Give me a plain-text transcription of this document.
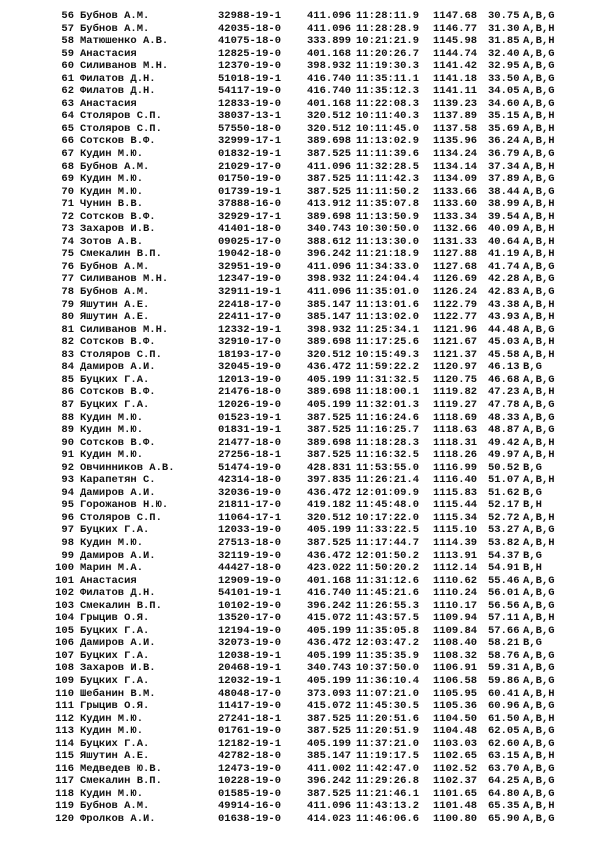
56 Бубнов А.М.	32988-19-1 411.096 11:28:11.9 1147.68 30.75 A,B,G
57 Бубнов А.М.	42035-18-0 411.096 11:28:28.9 1146.77 31.30 A,B,H
58 Матюшенко А.В.	41075-18-0 333.899 10:21:21.9 1145.98 31.85 A,B,H
59 Анастасия	12825-19-0 401.168 11:20:26.7 1144.74 32.40 A,B,G
60 Силиванов М.Н.	12370-19-0 398.932 11:19:30.3 1141.42 32.95 A,B,G
61 Филатов Д.Н.	51018-19-1 416.740 11:35:11.1 1141.18 33.50 A,B,G
62 Филатов Д.Н.	54117-19-0 416.740 11:35:12.3 1141.11 34.05 A,B,G
63 Анастасия	12833-19-0 401.168 11:22:08.3 1139.23 34.60 A,B,G
64 Столяров С.П.	38037-13-1 320.512 10:11:40.3 1137.89 35.15 A,B,H
65 Столяров С.П.	57550-18-0 320.512 10:11:45.0 1137.58 35.69 A,B,H
66 Сотсков В.Ф.	32999-17-1 389.698 11:13:02.9 1135.96 36.24 A,B,H
67 Кудин М.Ю.	01832-19-1 387.525 11:11:39.6 1134.24 36.79 A,B,G
68 Бубнов А.М.	21029-17-0 411.096 11:32:28.5 1134.14 37.34 A,B,H
69 Кудин М.Ю.	01750-19-0 387.525 11:11:42.3 1134.09 37.89 A,B,G
70 Кудин М.Ю.	01739-19-1 387.525 11:11:50.2 1133.66 38.44 A,B,G
71 Чунин В.В.	37888-16-0 413.912 11:35:07.8 1133.60 38.99 A,B,H
72 Сотсков В.Ф.	32929-17-1 389.698 11:13:50.9 1133.34 39.54 A,B,H
73 Захаров И.В.	41401-18-0 340.743 10:30:50.0 1132.66 40.09 A,B,H
74 Зотов А.В.	09025-17-0 388.612 11:13:30.0 1131.33 40.64 A,B,H
75 Смекалин В.П.	19042-18-0 396.242 11:21:18.9 1127.88 41.19 A,B,H
76 Бубнов А.М.	32951-19-0 411.096 11:34:33.0 1127.68 41.74 A,B,G
77 Силиванов М.Н.	12347-19-0 398.932 11:24:04.4 1126.69 42.28 A,B,G
78 Бубнов А.М.	32911-19-1 411.096 11:35:01.0 1126.24 42.83 A,B,G
79 Яшутин А.Е.	22418-17-0 385.147 11:13:01.6 1122.79 43.38 A,B,H
80 Яшутин А.Е.	22411-17-0 385.147 11:13:02.0 1122.77 43.93 A,B,H
81 Силиванов М.Н.	12332-19-1 398.932 11:25:34.1 1121.96 44.48 A,B,G
82 Сотсков В.Ф.	32910-17-0 389.698 11:17:25.6 1121.67 45.03 A,B,H
83 Столяров С.П.	18193-17-0 320.512 10:15:49.3 1121.37 45.58 A,B,H
84 Дамиров А.И.	32045-19-0 436.472 11:59:22.2 1120.97 46.13 B,G
85 Буцких Г.А.	12013-19-0 405.199 11:31:32.5 1120.75 46.68 A,B,G
86 Сотсков В.Ф.	21476-18-0 389.698 11:18:00.1 1119.82 47.23 A,B,H
87 Буцких Г.А.	12026-19-0 405.199 11:32:01.3 1119.27 47.78 A,B,G
88 Кудин М.Ю.	01523-19-1 387.525 11:16:24.6 1118.69 48.33 A,B,G
89 Кудин М.Ю.	01831-19-1 387.525 11:16:25.7 1118.63 48.87 A,B,G
90 Сотсков В.Ф.	21477-18-0 389.698 11:18:28.3 1118.31 49.42 A,B,H
91 Кудин М.Ю.	27256-18-1 387.525 11:16:32.5 1118.26 49.97 A,B,H
92 Овчинников А.В.	51474-19-0 428.831 11:53:55.0 1116.99 50.52 B,G
93 Карапетян С.	42314-18-0 397.835 11:26:21.4 1116.40 51.07 A,B,H
94 Дамиров А.И.	32036-19-0 436.472 12:01:09.9 1115.83 51.62 B,G
95 Горожанов Н.Ю.	21811-17-0 419.182 11:45:48.0 1115.44 52.17 B,H
96 Столяров С.П.	11064-17-1 320.512 10:17:22.0 1115.34 52.72 A,B,H
97 Буцких Г.А.	12033-19-0 405.199 11:33:22.5 1115.10 53.27 A,B,G
98 Кудин М.Ю.	27513-18-0 387.525 11:17:44.7 1114.39 53.82 A,B,H
99 Дамиров А.И.	32119-19-0 436.472 12:01:50.2 1113.91 54.37 B,G
100 Марин М.А.	44427-18-0 423.022 11:50:20.2 1112.14 54.91 B,H
101 Анастасия	12909-19-0 401.168 11:31:12.6 1110.62 55.46 A,B,G
102 Филатов Д.Н.	54101-19-1 416.740 11:45:21.6 1110.24 56.01 A,B,G
103 Смекалин В.П.	10102-19-0 396.242 11:26:55.3 1110.17 56.56 A,B,G
104 Грыцив О.Я.	13520-17-0 415.072 11:43:57.5 1109.94 57.11 A,B,H
105 Буцких Г.А.	12194-19-0 405.199 11:35:05.8 1109.84 57.66 A,B,G
106 Дамиров А.И.	32073-19-0 436.472 12:03:47.2 1108.40 58.21 B,G
107 Буцких Г.А.	12038-19-1 405.199 11:35:35.9 1108.32 58.76 A,B,G
108 Захаров И.В.	20468-19-1 340.743 10:37:50.0 1106.91 59.31 A,B,G
109 Буцких Г.А.	12032-19-1 405.199 11:36:10.4 1106.58 59.86 A,B,G
110 Шебанин В.М.	48048-17-0 373.093 11:07:21.0 1105.95 60.41 A,B,H
111 Грыцив О.Я.	11417-19-0 415.072 11:45:30.5 1105.36 60.96 A,B,G
112 Кудин М.Ю.	27241-18-1 387.525 11:20:51.6 1104.50 61.50 A,B,H
113 Кудин М.Ю.	01761-19-0 387.525 11:20:51.9 1104.48 62.05 A,B,G
114 Буцких Г.А.	12182-19-1 405.199 11:37:21.0 1103.03 62.60 A,B,G
115 Яшутин А.Е.	42782-18-0 385.147 11:19:17.5 1102.65 63.15 A,B,H
116 Медведев Ю.В.	12473-19-0 411.002 11:42:47.0 1102.52 63.70 A,B,G
117 Смекалин В.П.	10228-19-0 396.242 11:29:26.8 1102.37 64.25 A,B,G
118 Кудин М.Ю.	01585-19-0 387.525 11:21:46.1 1101.65 64.80 A,B,G
119 Бубнов А.М.	49914-16-0 411.096 11:43:13.2 1101.48 65.35 A,B,H
120 Фролков А.И.	01638-19-0 414.023 11:46:06.6 1100.80 65.90 A,B,G
